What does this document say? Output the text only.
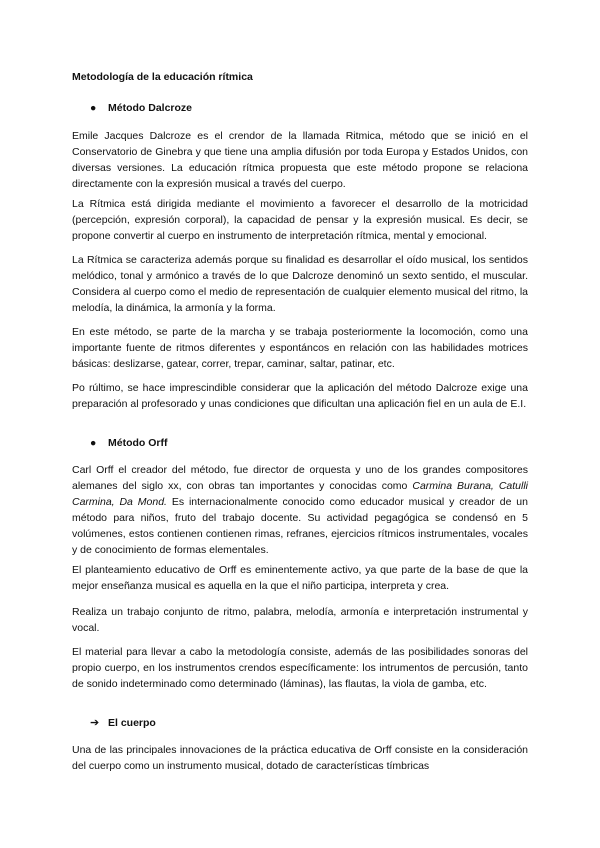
Metodología de la educación rítmica
● Método Dalcroze

Emile Jacques Dalcroze es el crendor de la llamada Ritmica, método que se inició en el Conservatorio de Ginebra y que tiene una amplia difusión por toda Europa y Estados Unidos, con diversas versiones. La educación rítmica propuesta que este método propone se relaciona directamente con la expresión musical a través del cuerpo.

La Rítmica está dirigida mediante el movimiento a favorecer el desarrollo de la motricidad (percepción, expresión corporal), la capacidad de pensar y la expresión musical. Es decir, se propone convertir al cuerpo en instrumento de interpretación rítmica, mental y emocional.

La Rítmica se caracteriza además porque su finalidad es desarrollar el oído musical, los sentidos melódico, tonal y armónico a través de lo que Dalcroze denominó un sexto sentido, el muscular. Considera al cuerpo como el medio de representación de cualquier elemento musical del ritmo, la melodía, la dinámica, la armonía y la forma.

En este método, se parte de la marcha y se trabaja posteriormente la locomoción, como una importante fuente de ritmos diferentes y espontáncos en relación con las habilidades motrices básicas: deslizarse, gatear, correr, trepar, caminar, saltar, patinar, etc.

Po rúltimo, se hace imprescindible considerar que la aplicación del método Dalcroze exige una preparación al profesorado y unas condiciones que dificultan una aplicación fiel en un aula de E.I.

● Método Orff

Carl Orff el creador del método, fue director de orquesta y uno de los grandes compositores alemanes del siglo xx, con obras tan importantes y conocidas como Carmina Burana, Catulli Carmina, Da Mond. Es internacionalmente conocido como educador musical y creador de un método para niños, fruto del trabajo docente. Su actividad pegagógica se condensó en 5 volúmenes, estos contienen contienen rimas, refranes, ejercicios rítmicos instrumentales, vocales y de conocimiento de formas elementales.

El planteamiento educativo de Orff es eminentemente activo, ya que parte de la base de que la mejor enseñanza musical es aquella en la que el niño participa, interpreta y crea.

Realiza un trabajo conjunto de ritmo, palabra, melodía, armonía e interpretación instrumental y vocal.

El material para llevar a cabo la metodología consiste, además de las posibilidades sonoras del propio cuerpo, en los instrumentos crendos específicamente: los intrumentos de percusión, tanto de sonido indeterminado como determinado (láminas), las flautas, la viola de gamba, etc.

➔ El cuerpo

Una de las principales innovaciones de la práctica educativa de Orff consiste en la consideración del cuerpo como un instrumento musical, dotado de características tímbricas
